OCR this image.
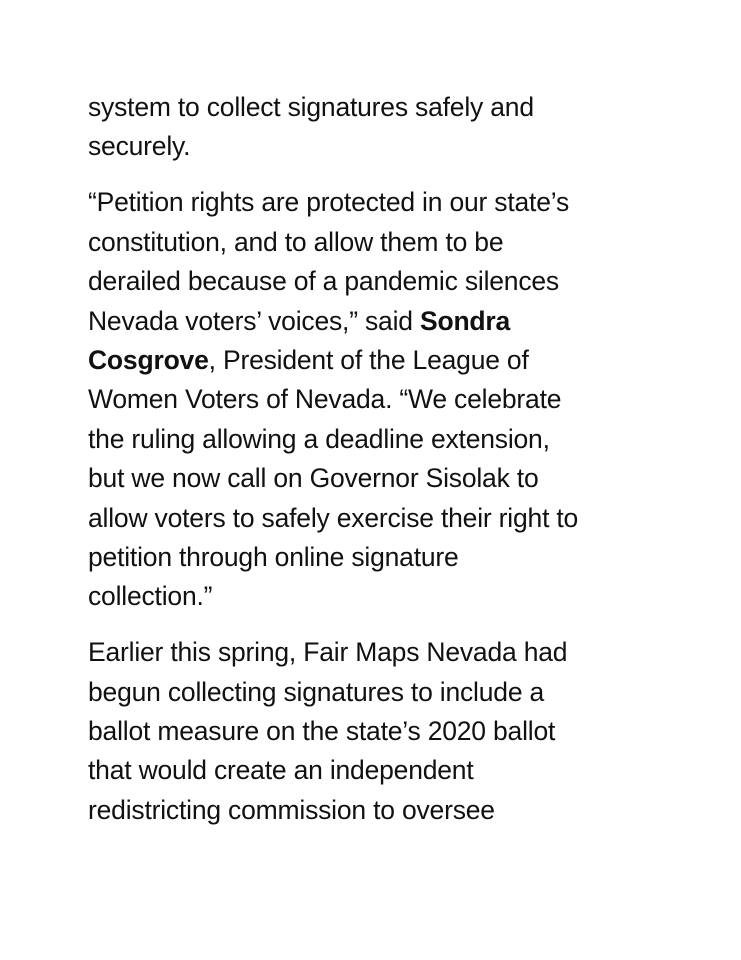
system to collect signatures safely and
securely.
“Petition rights are protected in our state’s
constitution, and to allow them to be
derailed because of a pandemic silences
Nevada voters’ voices,” said Sondra
Cosgrove, President of the League of
Women Voters of Nevada. “We celebrate
the ruling allowing a deadline extension,
but we now call on Governor Sisolak to
allow voters to safely exercise their right to
petition through online signature
collection.”
Earlier this spring, Fair Maps Nevada had
begun collecting signatures to include a
ballot measure on the state’s 2020 ballot
that would create an independent
redistricting commission to oversee
